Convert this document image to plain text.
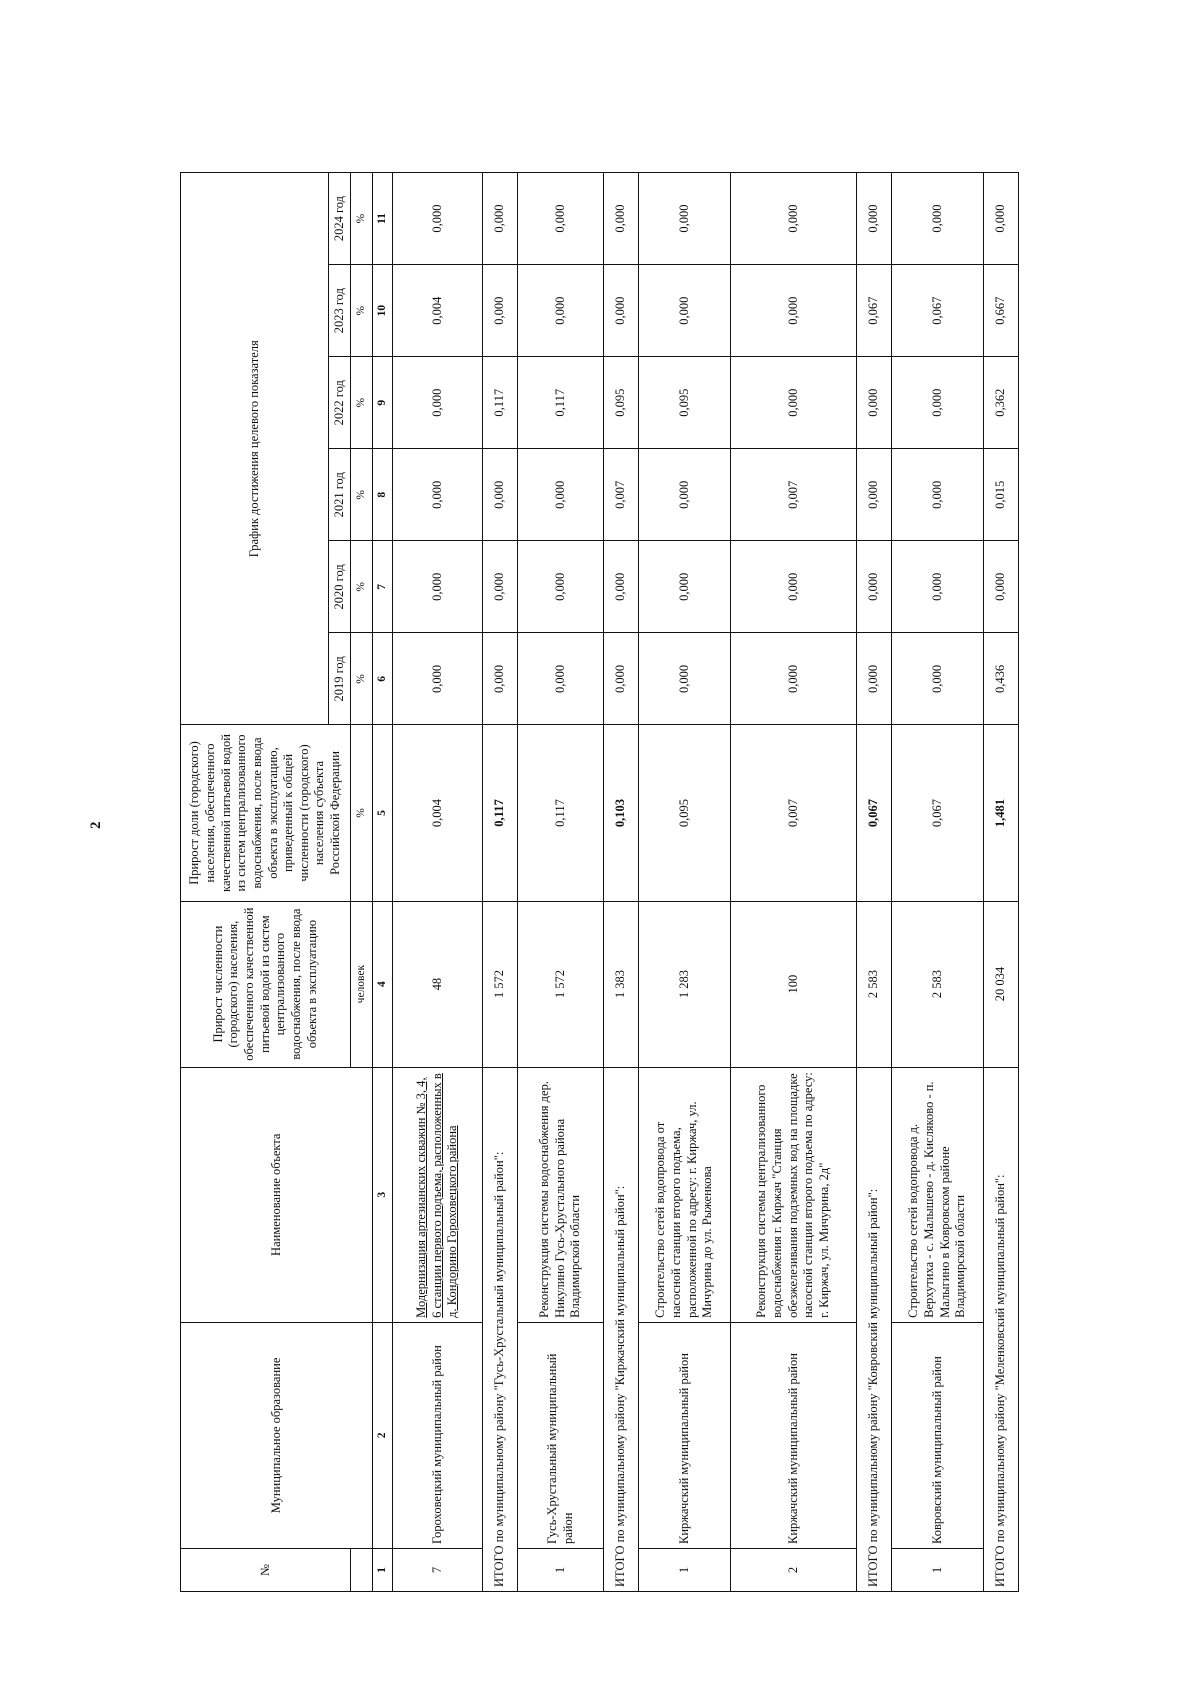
2
№	Муниципальное образование	Наименование объекта	Прирост численности (городского) населения, обеспеченного качественной питьевой водой из систем централизованного водоснабжения, после ввода объекта в эксплуатацию	Прирост доли (городского) населения, обеспеченного качественной питьевой водой из систем централизованного водоснабжения, после ввода объекта в эксплуатацию, приведенный к общей численности (городского) населения субъекта Российской Федерации	График достижения целевого показателя					
					2019 год	2020 год	2021 год	2022 год	2023 год	2024 год
			человек	%	%	%	%	%	%	%
1	2	3	4	5	6	7	8	9	10	11
7	Гороховецкий муниципальный район	Модернизация артезианских скважин № 3, 4, 6 станции первого подъема, расположенных в д. Кондорино Гороховецкого района	48	0,004	0,000	0,000	0,000	0,000	0,004	0,000
ИТОГО по муниципальному району "Гусь-Хрустальный муниципальный район":			1 572	0,117	0,000	0,000	0,000	0,117	0,000	0,000
1	Гусь-Хрустальный муниципальный район	Реконструкция системы водоснабжения дер. Никулино Гусь-Хрустального района Владимирской области	1 572	0,117	0,000	0,000	0,000	0,117	0,000	0,000
ИТОГО по муниципальному району "Киржачский муниципальный район":			1 383	0,103	0,000	0,000	0,007	0,095	0,000	0,000
1	Киржачский муниципальный район	Строительство сетей водопровода от насосной станции второго подъема, расположенной по адресу: г. Киржач, ул. Мичурина до ул. Рыженкова	1 283	0,095	0,000	0,000	0,000	0,095	0,000	0,000
2	Киржачский муниципальный район	Реконструкция системы централизованного водоснабжения г. Киржач "Станция обезжелезивания подземных вод на площадке насосной станции второго подъема по адресу: г. Киржач, ул. Мичурина, 2д"	100	0,007	0,000	0,000	0,007	0,000	0,000	0,000
ИТОГО по муниципальному району "Ковровский муниципальный район":			2 583	0,067	0,000	0,000	0,000	0,000	0,067	0,000
1	Ковровский муниципальный район	Строительство сетей водопровода д. Верхутиха - с. Малышево - д. Кисляково - п. Малыгино в Ковровском районе Владимирской области	2 583	0,067	0,000	0,000	0,000	0,000	0,067	0,000
ИТОГО по муниципальному району "Меленковский муниципальный район":			20 034	1,481	0,436	0,000	0,015	0,362	0,667	0,000
